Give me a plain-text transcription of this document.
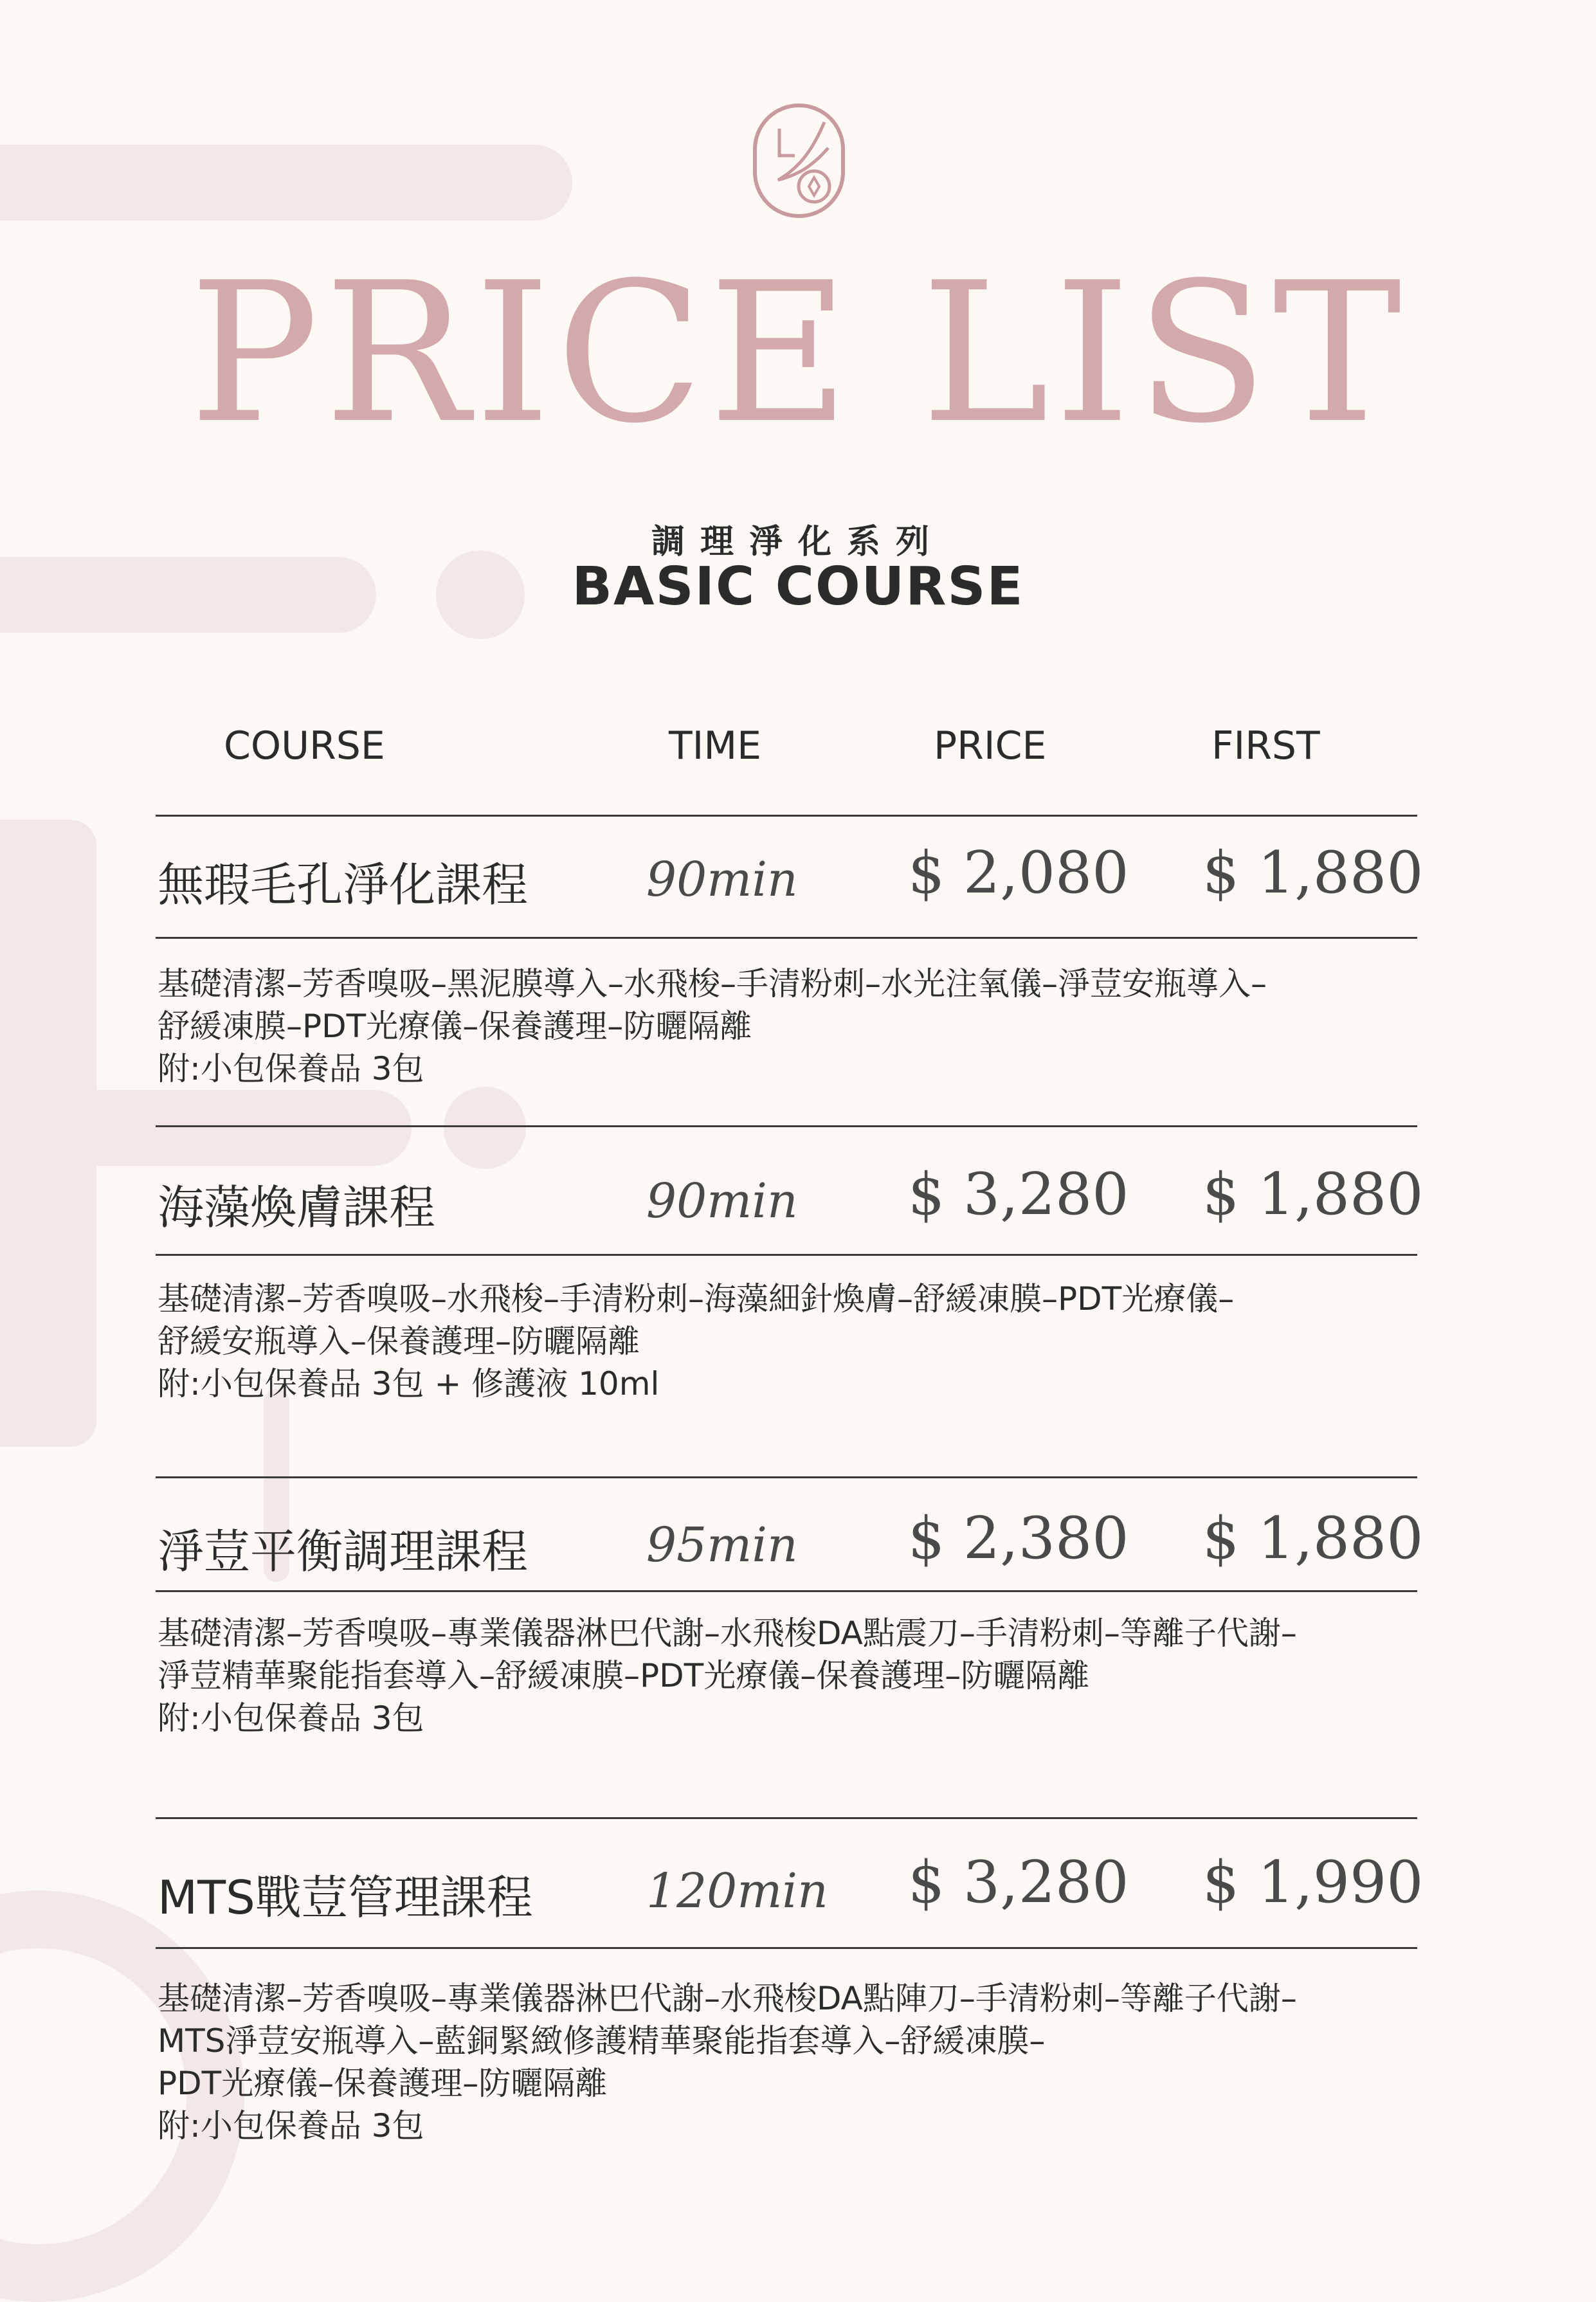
PRICE LIST
調理淨化系列
BASIC COURSE
COURSE	TIME	PRICE	FIRST
無瑕毛孔淨化課程 90min $ 2,080 $ 1,880
基礎清潔–芳香嗅吸–黑泥膜導入–水飛梭–手清粉刺–水光注氧儀–淨荳安瓶導入–
舒緩凍膜–PDT光療儀–保養護理–防曬隔離
附:小包保養品 3包
海藻煥膚課程	90min $ 3,280 $ 1,880
基礎清潔–芳香嗅吸–水飛梭–手清粉刺–海藻細針煥膚–舒緩凍膜–PDT光療儀–
舒緩安瓶導入–保養護理–防曬隔離
附:小包保養品 3包 + 修護液 10ml
淨荳平衡調理課程 95min $ 2,380 $ 1,880
基礎清潔–芳香嗅吸–專業儀器淋巴代謝–水飛梭DA點震刀–手清粉刺–等離子代謝–
淨荳精華聚能指套導入–舒緩凍膜–PDT光療儀–保養護理–防曬隔離
附:小包保養品 3包
MTS戰荳管理課程 120min $ 3,280 $ 1,990
基礎清潔–芳香嗅吸–專業儀器淋巴代謝–水飛梭DA點陣刀–手清粉刺–等離子代謝–
MTS淨荳安瓶導入–藍銅緊緻修護精華聚能指套導入–舒緩凍膜–
PDT光療儀–保養護理–防曬隔離
附:小包保養品 3包
